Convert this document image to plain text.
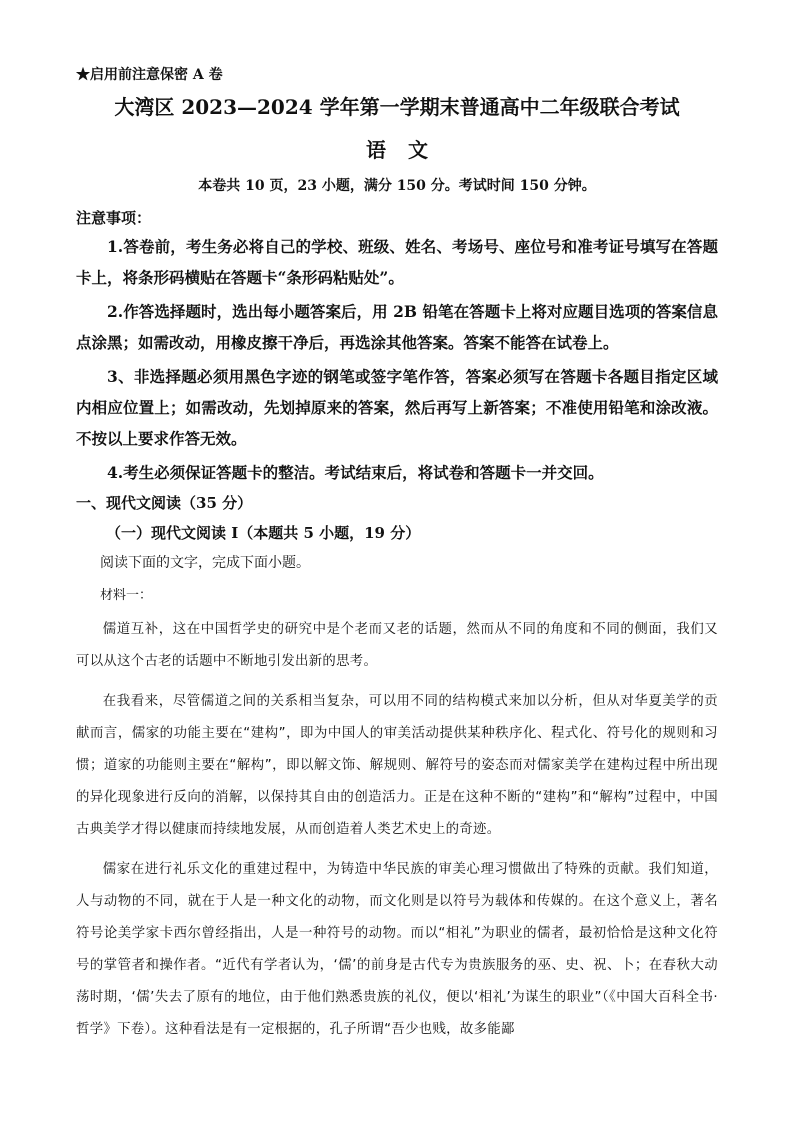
★启用前注意保密 A 卷

大湾区 2023—2024 学年第一学期末普通高中二年级联合考试
语文

本卷共 10 页，23 小题，满分 150 分。考试时间 150 分钟。

注意事项：

1.答卷前，考生务必将自己的学校、班级、姓名、考场号、座位号和准考证号填写在答题卡上，将条形码横贴在答题卡“条形码粘贴处”。

2.作答选择题时，选出每小题答案后，用 2B 铅笔在答题卡上将对应题目选项的答案信息点涂黑；如需改动，用橡皮擦干净后，再选涂其他答案。答案不能答在试卷上。

3、非选择题必须用黑色字迹的钢笔或签字笔作答，答案必须写在答题卡各题目指定区域内相应位置上；如需改动，先划掉原来的答案，然后再写上新答案；不准使用铅笔和涂改液。不按以上要求作答无效。

4.考生必须保证答题卡的整洁。考试结束后，将试卷和答题卡一并交回。

一、现代文阅读（35 分）

（一）现代文阅读 I（本题共 5 小题，19 分）

阅读下面的文字，完成下面小题。

材料一：

儒道互补，这在中国哲学史的研究中是个老而又老的话题，然而从不同的角度和不同的侧面，我们又可以从这个古老的话题中不断地引发出新的思考。

在我看来，尽管儒道之间的关系相当复杂，可以用不同的结构模式来加以分析，但从对华夏美学的贡献而言，儒家的功能主要在“建构”，即为中国人的审美活动提供某种秩序化、程式化、符号化的规则和习惯；道家的功能则主要在“解构”，即以解文饰、解规则、解符号的姿态而对儒家美学在建构过程中所出现的异化现象进行反向的消解，以保持其自由的创造活力。正是在这种不断的“建构”和“解构”过程中，中国古典美学才得以健康而持续地发展，从而创造着人类艺术史上的奇迹。

儒家在进行礼乐文化的重建过程中，为铸造中华民族的审美心理习惯做出了特殊的贡献。我们知道，人与动物的不同，就在于人是一种文化的动物，而文化则是以符号为载体和传媒的。在这个意义上，著名符号论美学家卡西尔曾经指出，人是一种符号的动物。而以“相礼”为职业的儒者，最初恰恰是这种文化符号的掌管者和操作者。“近代有学者认为，‘儒’的前身是古代专为贵族服务的巫、史、祝、卜；在春秋大动荡时期，‘儒’失去了原有的地位，由于他们熟悉贵族的礼仪，便以‘相礼’为谋生的职业”（《中国大百科全书·哲学》下卷）。这种看法是有一定根据的，孔子所谓“吾少也贱，故多能鄙
